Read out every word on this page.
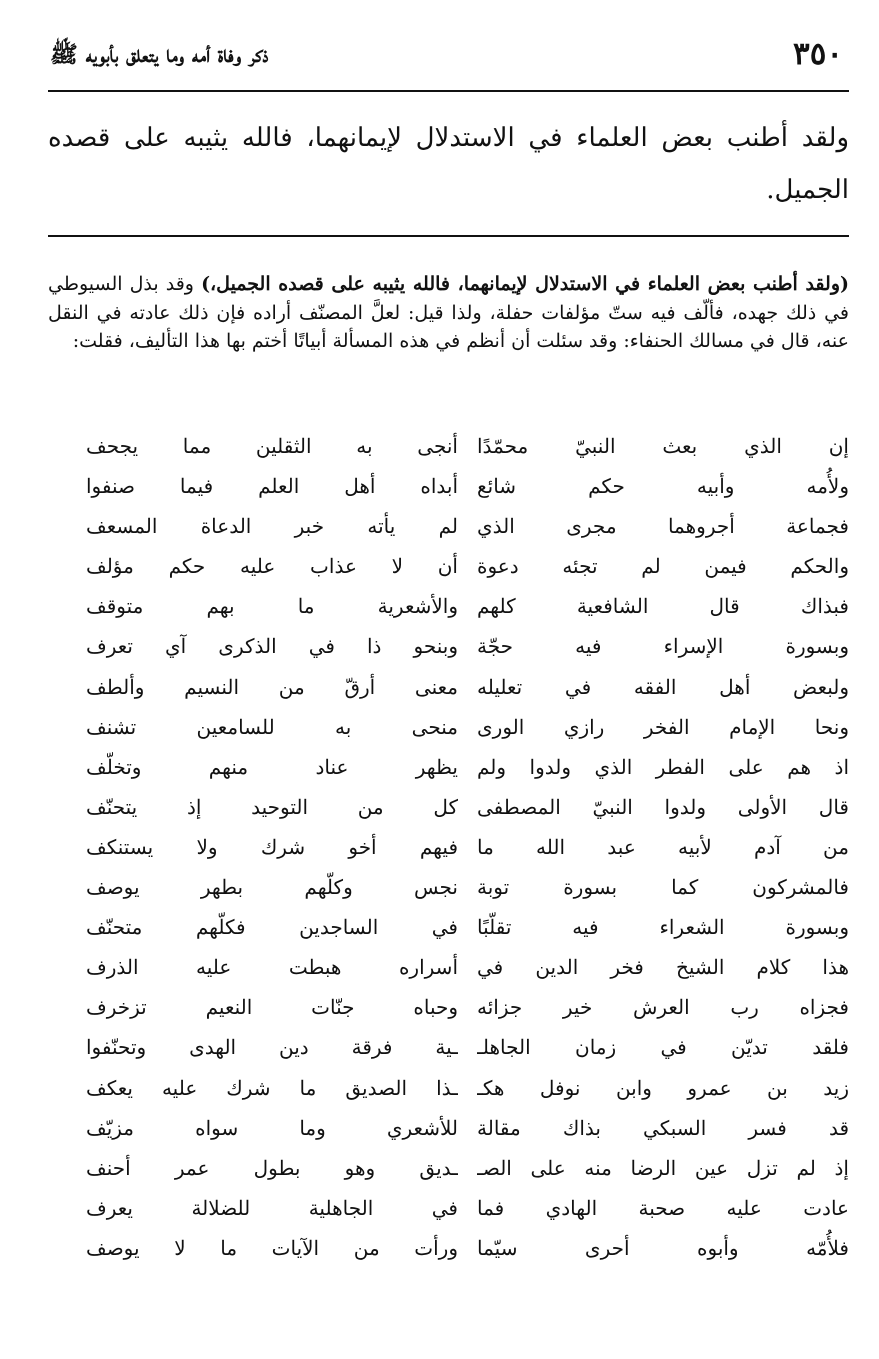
٣٥٠
ذكر وفاة أمه وما يتعلق بأبويه ﷺ
ولقد أطنب بعض العلماء في الاستدلال لإيمانهما، فالله يثيبه على قصده الجميل.
(ولقد أطنب بعض العلماء في الاستدلال لإيمانهما، فالله يثيبه على قصده الجميل،) وقد بذل السيوطي في ذلك جهده، فألّف فيه ستّ مؤلفات حفلة، ولذا قيل: لعلَّ المصنّف أراده فإن ذلك عادته في النقل عنه، قال في مسالك الحنفاء: وقد سئلت أن أنظم في هذه المسألة أبياتًا أختم بها هذا التأليف، فقلت:
إن الذي بعث النبيّ محمّدًا
أنجى به الثقلين مما يجحف
ولأُمه وأبيه حكم شائع
أبداه أهل العلم فيما صنفوا
فجماعة أجروهما مجرى الذي
لم يأته خبر الدعاة المسعف
والحكم فيمن لم تجئه دعوة
أن لا عذاب عليه حكم مؤلف
فبذاك قال الشافعية كلهم
والأشعرية ما بهم متوقف
وبسورة الإسراء فيه حجّة
وبنحو ذا في الذكرى آي تعرف
ولبعض أهل الفقه في تعليله
معنى أرقّ من النسيم وألطف
ونحا الإمام الفخر رازي الورى
منحى به للسامعين تشنف
اذ هم على الفطر الذي ولدوا ولم
يظهر عناد منهم وتخلّف
قال الأولى ولدوا النبيّ المصطفى
كل من التوحيد إذ يتحنّف
من آدم لأبيه عبد الله ما
فيهم أخو شرك ولا يستنكف
فالمشركون كما بسورة توبة
نجس وكلّهم بطهر يوصف
وبسورة الشعراء فيه تقلّبًا
في الساجدين فكلّهم متحنّف
هذا كلام الشيخ فخر الدين في
أسراره هبطت عليه الذرف
فجزاه رب العرش خير جزائه
وحباه جنّات النعيم تزخرف
فلقد تديّن في زمان الجاهلـ
ـية فرقة دين الهدى وتحنّفوا
زيد بن عمرو وابن نوفل هكـ
ـذا الصديق ما شرك عليه يعكف
قد فسر السبكي بذاك مقالة
للأشعري وما سواه مزيّف
إذ لم تزل عين الرضا منه على الصـ
ـديق وهو بطول عمر أحنف
عادت عليه صحبة الهادي فما
في الجاهلية للضلالة يعرف
فلأُمّه وأبوه أحرى سيّما
ورأت من الآيات ما لا يوصف
